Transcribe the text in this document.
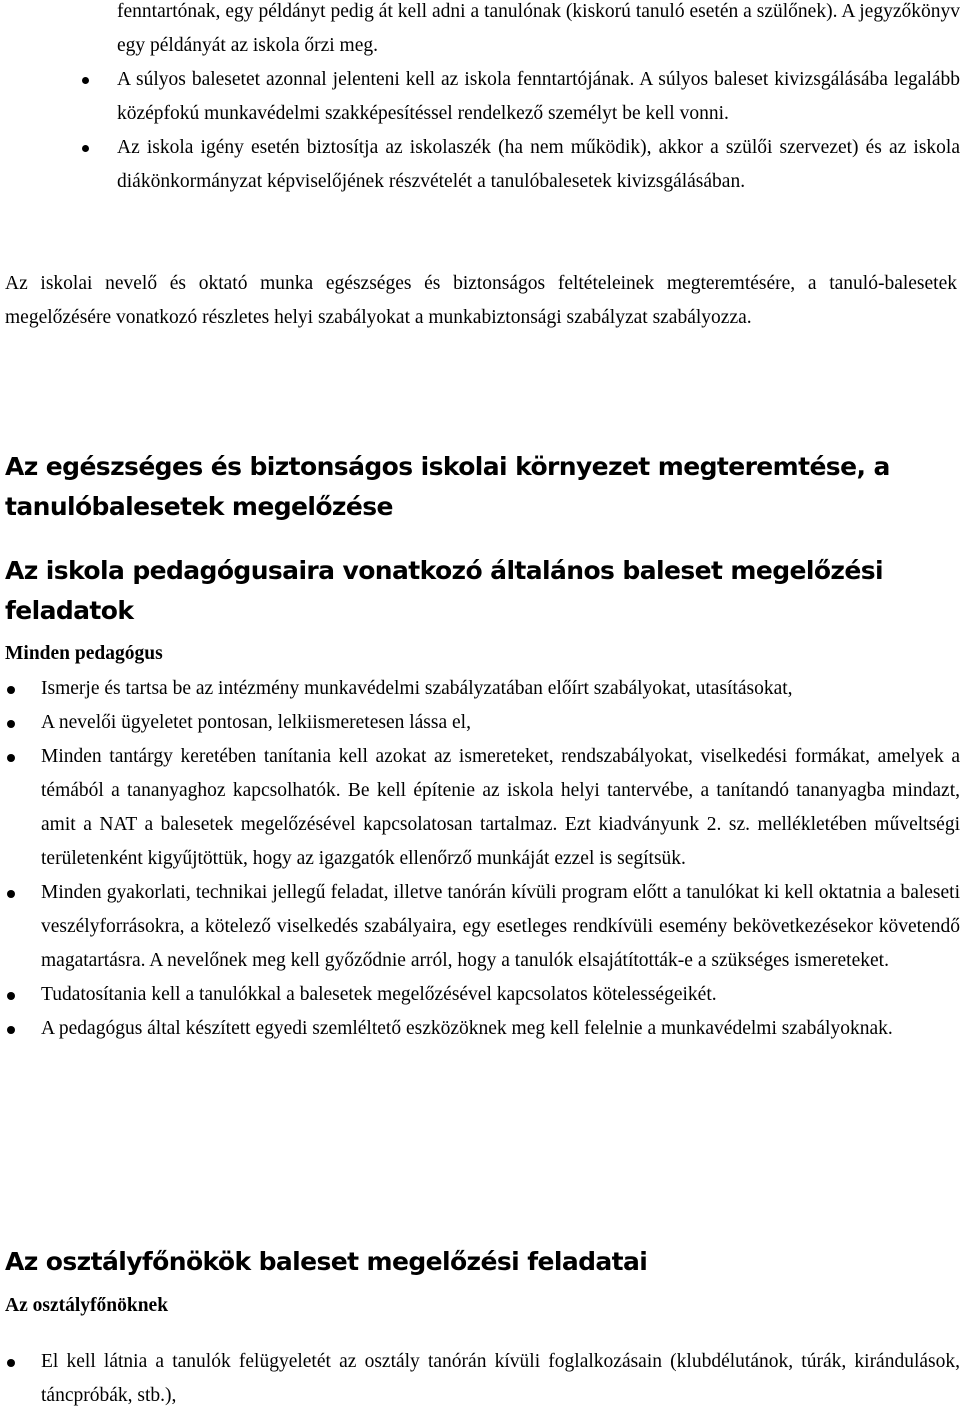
fenntartónak, egy példányt pedig át kell adni a tanulónak (kiskorú tanuló esetén a szülőnek). A jegyzőkönyv egy példányát az iskola őrzi meg.

A súlyos balesetet azonnal jelenteni kell az iskola fenntartójának. A súlyos baleset kivizsgálásába legalább középfokú munkavédelmi szakképesítéssel rendelkező személyt be kell vonni.

Az iskola igény esetén biztosítja az iskolaszék (ha nem működik), akkor a szülői szervezet) és az iskola diákönkormányzat képviselőjének részvételét a tanulóbalesetek kivizsgálásában.

Az iskolai nevelő és oktató munka egészséges és biztonságos feltételeinek megteremtésére, a tanuló-balesetek megelőzésére vonatkozó részletes helyi szabályokat a munkabiztonsági szabályzat szabályozza.

Az egészséges és biztonságos iskolai környezet megteremtése, a tanulóbalesetek megelőzése
Az iskola pedagógusaira vonatkozó általános baleset megelőzési feladatok
Minden pedagógus

Ismerje és tartsa be az intézmény munkavédelmi szabályzatában előírt szabályokat, utasításokat,

A nevelői ügyeletet pontosan, lelkiismeretesen lássa el,

Minden tantárgy keretében tanítania kell azokat az ismereteket, rendszabályokat, viselkedési formákat, amelyek a témából a tananyaghoz kapcsolhatók. Be kell építenie az iskola helyi tantervébe, a tanítandó tananyagba mindazt, amit a NAT a balesetek megelőzésével kapcsolatosan tartalmaz. Ezt kiadványunk 2. sz. mellékletében műveltségi területenként kigyűjtöttük, hogy az igazgatók ellenőrző munkáját ezzel is segítsük.

Minden gyakorlati, technikai jellegű feladat, illetve tanórán kívüli program előtt a tanulókat ki kell oktatnia a baleseti veszélyforrásokra, a kötelező viselkedés szabályaira, egy esetleges rendkívüli esemény bekövetkezésekor követendő magatartásra. A nevelőnek meg kell győződnie arról, hogy a tanulók elsajátították-e a szükséges ismereteket.

Tudatosítania kell a tanulókkal a balesetek megelőzésével kapcsolatos kötelességeikét.

A pedagógus által készített egyedi szemléltető eszközöknek meg kell felelnie a munkavédelmi szabályoknak.

Az osztályfőnökök baleset megelőzési feladatai
Az osztályfőnöknek

El kell látnia a tanulók felügyeletét az osztály tanórán kívüli foglalkozásain (klubdélutánok, túrák, kirándulások, táncpróbák, stb.),
